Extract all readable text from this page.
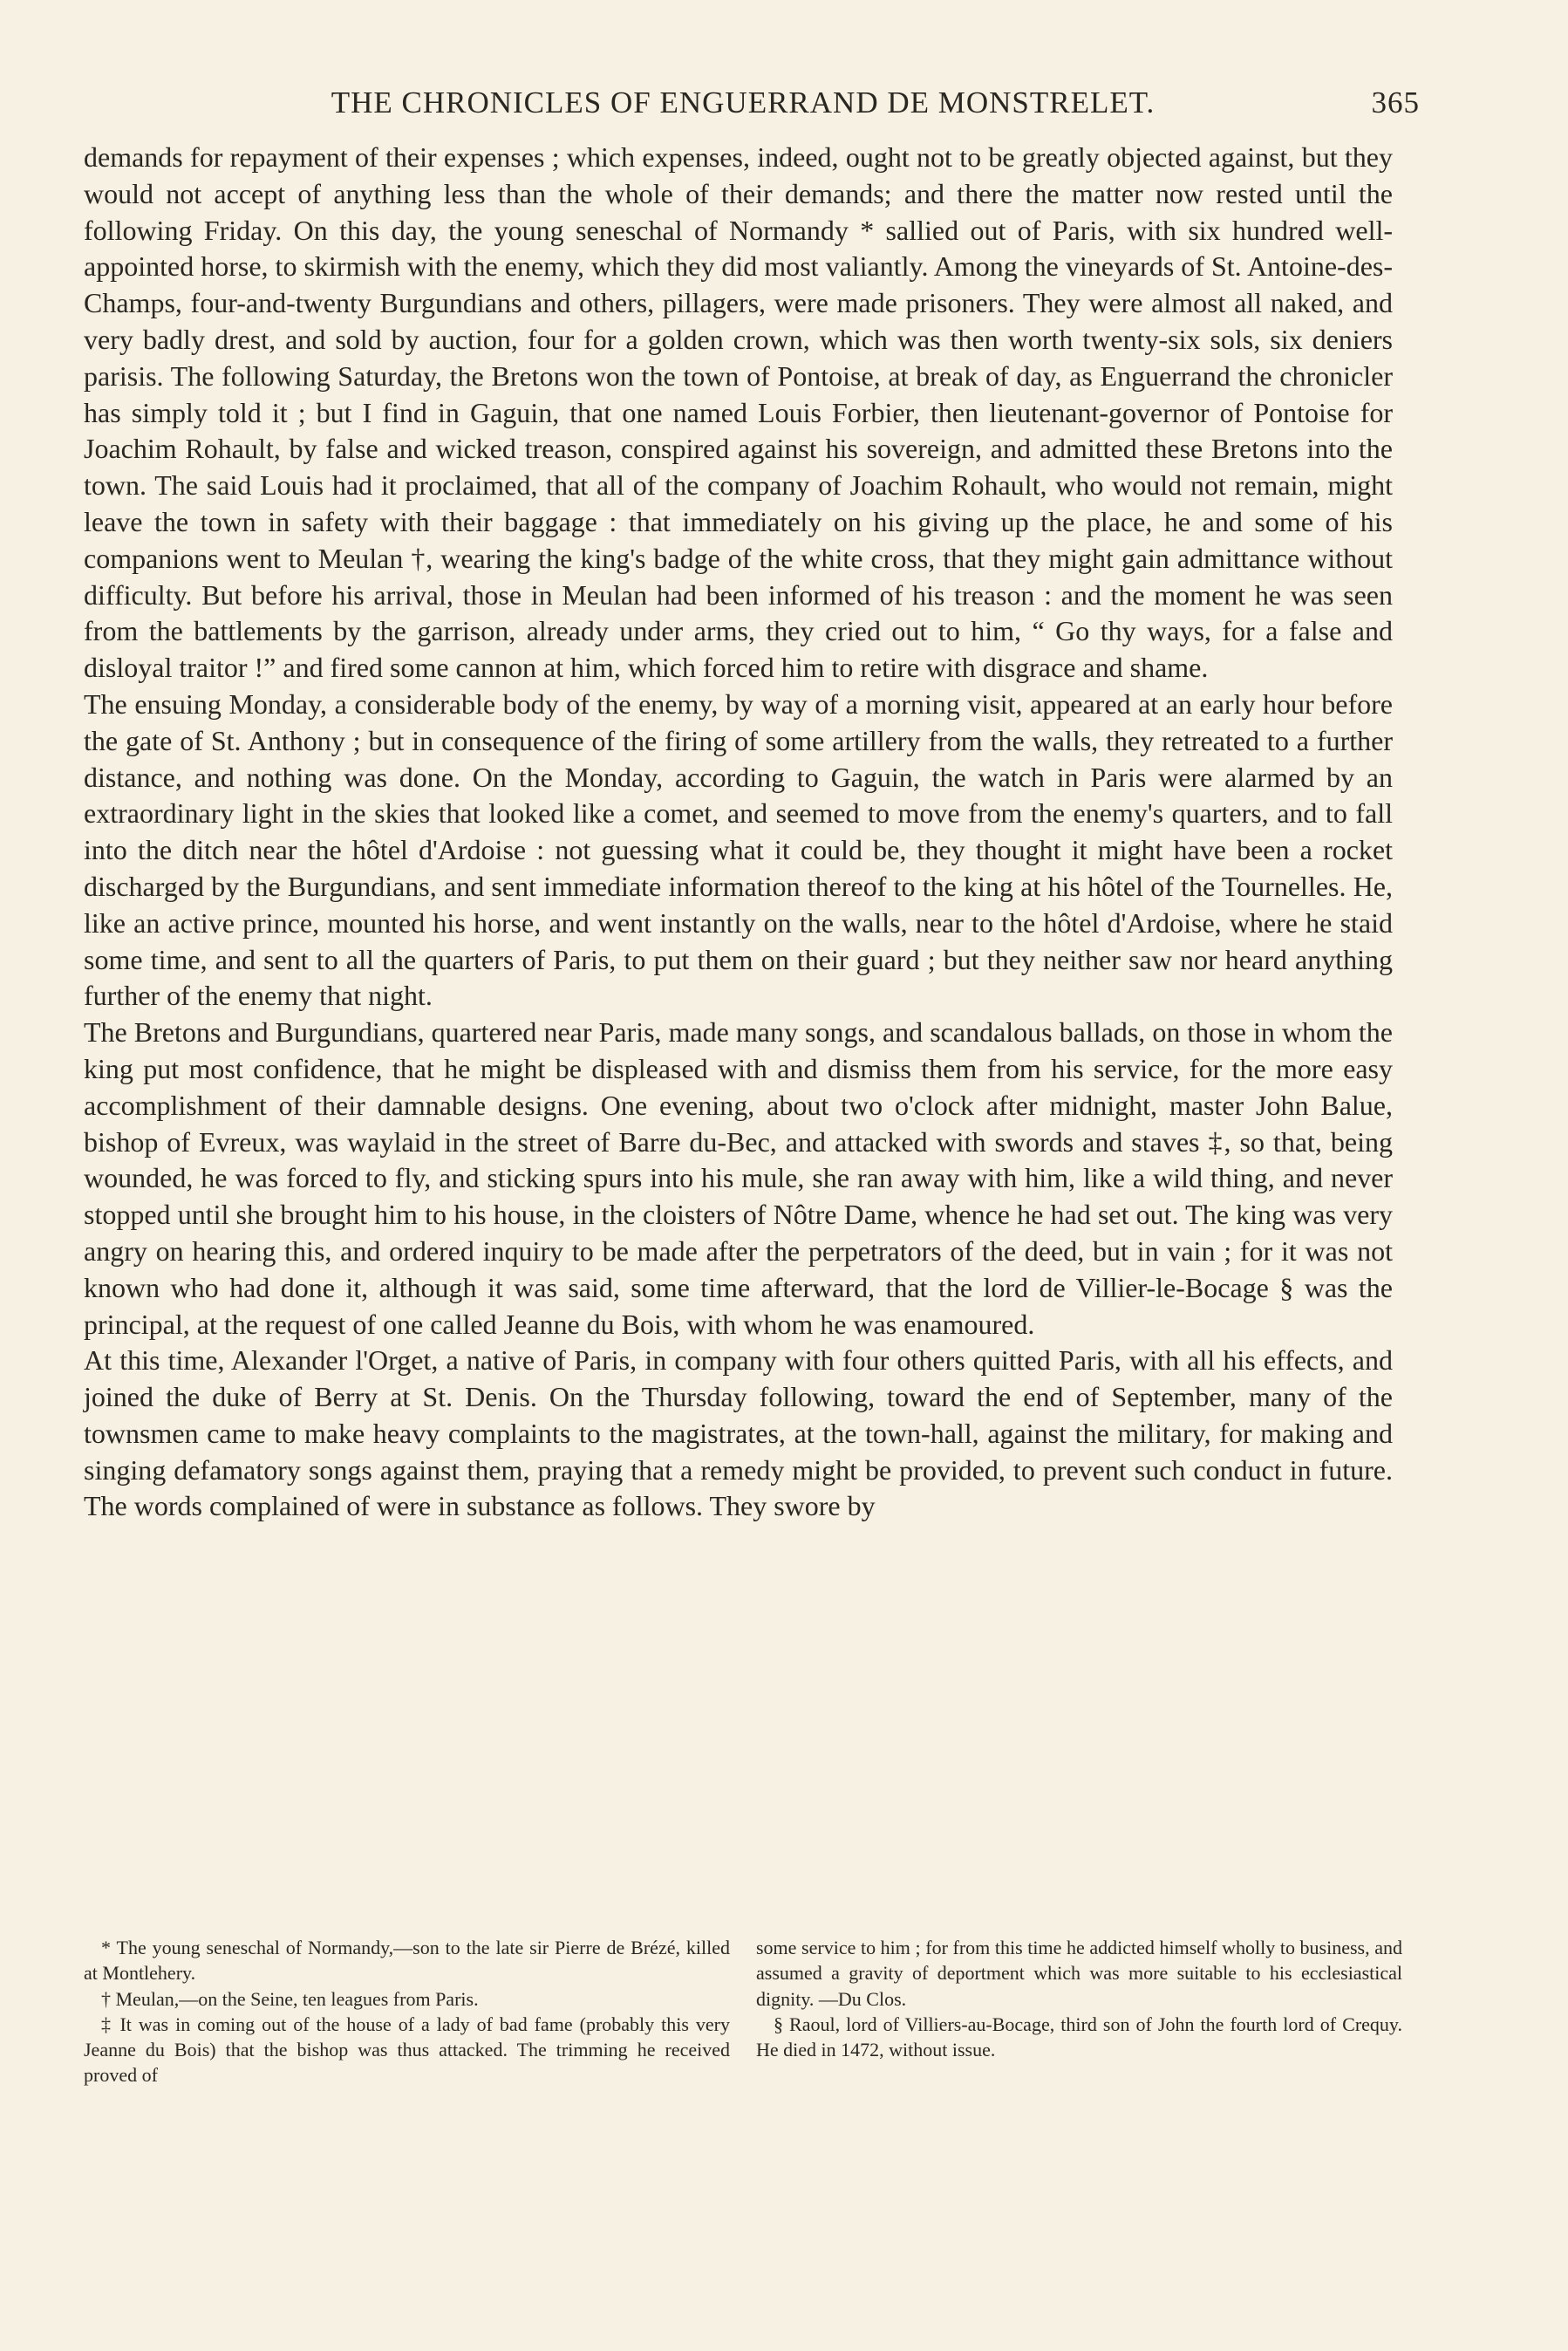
THE CHRONICLES OF ENGUERRAND DE MONSTRELET.	365

demands for repayment of their expenses ; which expenses, indeed, ought not to be greatly objected against, but they would not accept of anything less than the whole of their demands; and there the matter now rested until the following Friday. On this day, the young seneschal of Normandy * sallied out of Paris, with six hundred well-appointed horse, to skirmish with the enemy, which they did most valiantly. Among the vineyards of St. Antoine-des-Champs, four-and-twenty Burgundians and others, pillagers, were made prisoners. They were almost all naked, and very badly drest, and sold by auction, four for a golden crown, which was then worth twenty-six sols, six deniers parisis. The following Saturday, the Bretons won the town of Pontoise, at break of day, as Enguerrand the chronicler has simply told it ; but I find in Gaguin, that one named Louis Forbier, then lieutenant-governor of Pontoise for Joachim Rohault, by false and wicked treason, conspired against his sovereign, and admitted these Bretons into the town. The said Louis had it proclaimed, that all of the company of Joachim Rohault, who would not remain, might leave the town in safety with their baggage : that immediately on his giving up the place, he and some of his companions went to Meulan †, wearing the king's badge of the white cross, that they might gain admittance without difficulty. But before his arrival, those in Meulan had been informed of his treason : and the moment he was seen from the battlements by the garrison, already under arms, they cried out to him, “ Go thy ways, for a false and disloyal traitor !” and fired some cannon at him, which forced him to retire with disgrace and shame.

The ensuing Monday, a considerable body of the enemy, by way of a morning visit, appeared at an early hour before the gate of St. Anthony ; but in consequence of the firing of some artillery from the walls, they retreated to a further distance, and nothing was done. On the Monday, according to Gaguin, the watch in Paris were alarmed by an extraordinary light in the skies that looked like a comet, and seemed to move from the enemy's quarters, and to fall into the ditch near the hôtel d'Ardoise : not guessing what it could be, they thought it might have been a rocket discharged by the Burgundians, and sent immediate information thereof to the king at his hôtel of the Tournelles. He, like an active prince, mounted his horse, and went instantly on the walls, near to the hôtel d'Ardoise, where he staid some time, and sent to all the quarters of Paris, to put them on their guard ; but they neither saw nor heard anything further of the enemy that night.

The Bretons and Burgundians, quartered near Paris, made many songs, and scandalous ballads, on those in whom the king put most confidence, that he might be displeased with and dismiss them from his service, for the more easy accomplishment of their damnable designs. One evening, about two o'clock after midnight, master John Balue, bishop of Evreux, was waylaid in the street of Barre du-Bec, and attacked with swords and staves ‡, so that, being wounded, he was forced to fly, and sticking spurs into his mule, she ran away with him, like a wild thing, and never stopped until she brought him to his house, in the cloisters of Nôtre Dame, whence he had set out. The king was very angry on hearing this, and ordered inquiry to be made after the perpetrators of the deed, but in vain ; for it was not known who had done it, although it was said, some time afterward, that the lord de Villier-le-Bocage § was the principal, at the request of one called Jeanne du Bois, with whom he was enamoured.

At this time, Alexander l'Orget, a native of Paris, in company with four others quitted Paris, with all his effects, and joined the duke of Berry at St. Denis. On the Thursday following, toward the end of September, many of the townsmen came to make heavy complaints to the magistrates, at the town-hall, against the military, for making and singing defamatory songs against them, praying that a remedy might be provided, to prevent such conduct in future. The words complained of were in substance as follows. They swore by

* The young seneschal of Normandy,—son to the late sir Pierre de Brézé, killed at Montlehery.

† Meulan,—on the Seine, ten leagues from Paris.

‡ It was in coming out of the house of a lady of bad fame (probably this very Jeanne du Bois) that the bishop was thus attacked. The trimming he received proved of

some service to him ; for from this time he addicted himself wholly to business, and assumed a gravity of deportment which was more suitable to his ecclesiastical dignity. —Du Clos.

§ Raoul, lord of Villiers-au-Bocage, third son of John the fourth lord of Crequy. He died in 1472, without issue.
